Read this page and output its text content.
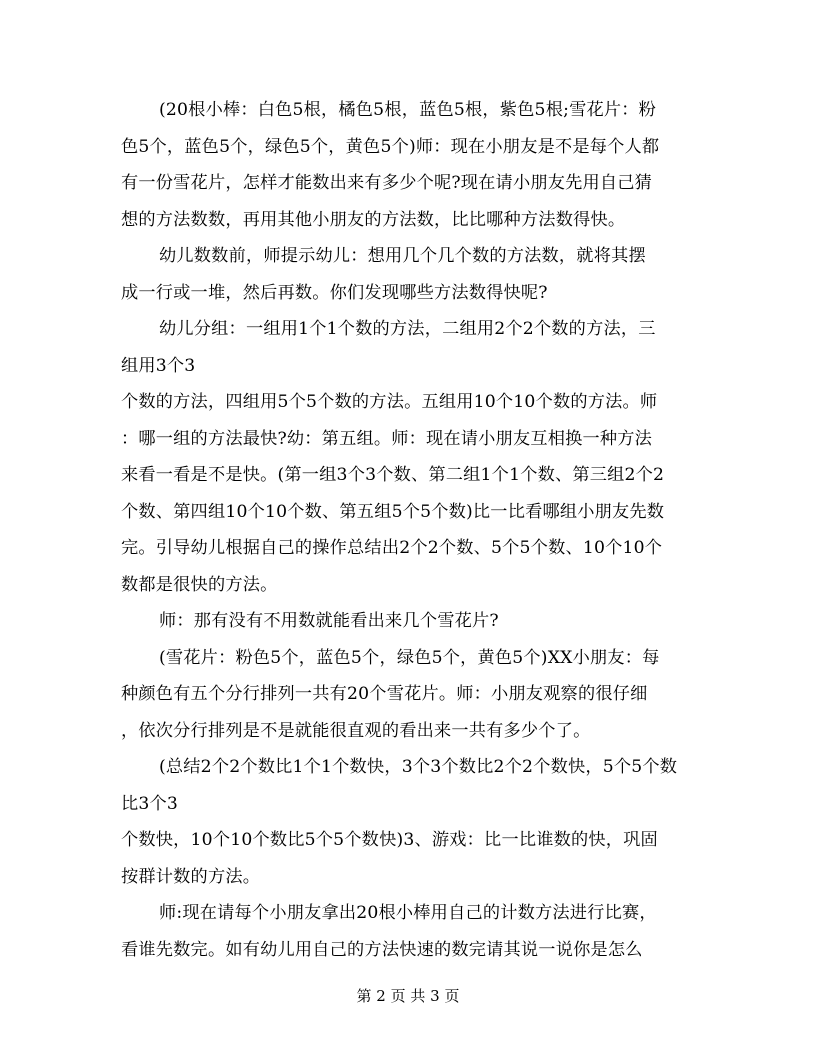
(20根小棒：白色5根，橘色5根，蓝色5根，紫色5根;雪花片：粉
色5个，蓝色5个，绿色5个，黄色5个)师：现在小朋友是不是每个人都
有一份雪花片，怎样才能数出来有多少个呢?现在请小朋友先用自己猜
想的方法数数，再用其他小朋友的方法数，比比哪种方法数得快。
幼儿数数前，师提示幼儿：想用几个几个数的方法数，就将其摆
成一行或一堆，然后再数。你们发现哪些方法数得快呢?
幼儿分组：一组用1个1个数的方法，二组用2个2个数的方法，三
组用3个3
个数的方法，四组用5个5个数的方法。五组用10个10个数的方法。师
：哪一组的方法最快?幼：第五组。师：现在请小朋友互相换一种方法
来看一看是不是快。(第一组3个3个数、第二组1个1个数、第三组2个2
个数、第四组10个10个数、第五组5个5个数)比一比看哪组小朋友先数
完。引导幼儿根据自己的操作总结出2个2个数、5个5个数、10个10个
数都是很快的方法。
师：那有没有不用数就能看出来几个雪花片?
(雪花片：粉色5个，蓝色5个，绿色5个，黄色5个)XX小朋友：每
种颜色有五个分行排列一共有20个雪花片。师：小朋友观察的很仔细
，依次分行排列是不是就能很直观的看出来一共有多少个了。
(总结2个2个数比1个1个数快，3个3个数比2个2个数快，5个5个数
比3个3
个数快，10个10个数比5个5个数快)3、游戏：比一比谁数的快，巩固
按群计数的方法。
师:现在请每个小朋友拿出20根小棒用自己的计数方法进行比赛，
看谁先数完。如有幼儿用自己的方法快速的数完请其说一说你是怎么
第 2 页 共 3 页
